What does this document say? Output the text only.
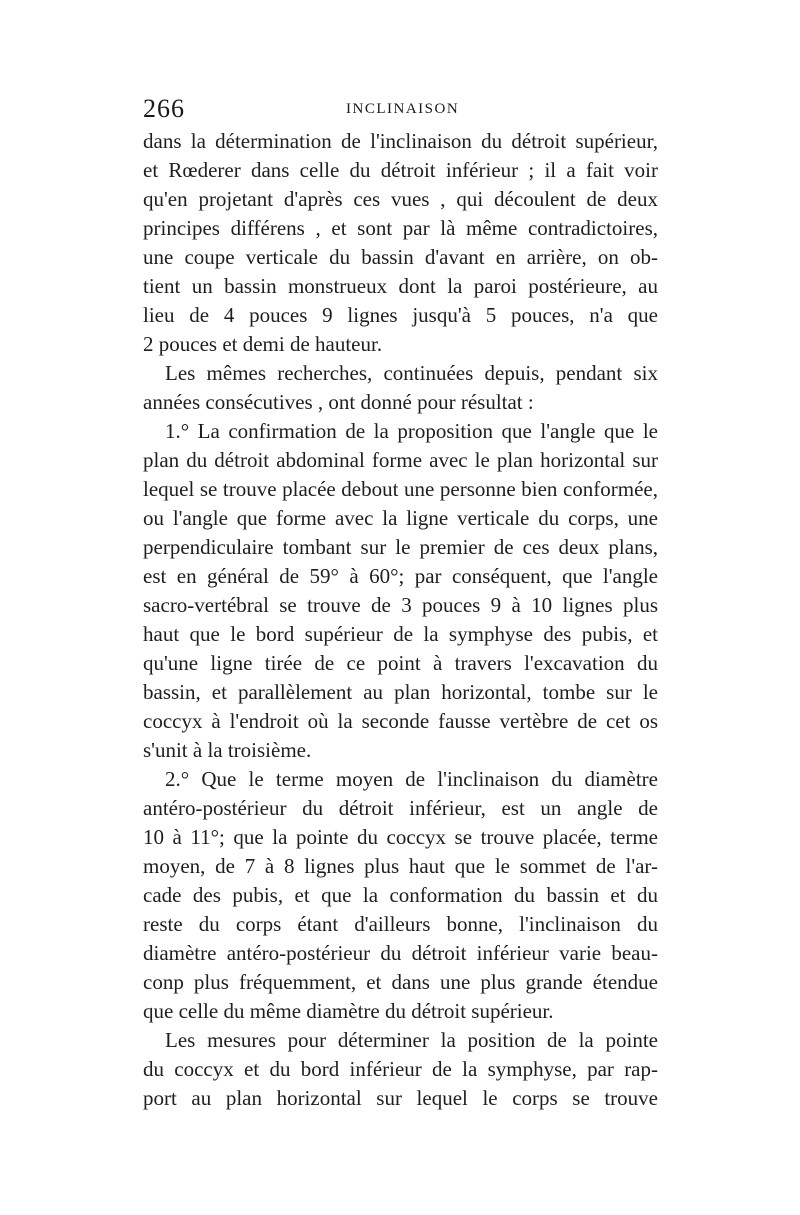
266	INCLINAISON
dans la détermination de l'inclinaison du détroit supérieur,
et Rœderer dans celle du détroit inférieur ; il a fait voir
qu'en projetant d'après ces vues , qui découlent de deux
principes différens , et sont par là même contradictoires,
une coupe verticale du bassin d'avant en arrière, on ob-
tient un bassin monstrueux dont la paroi postérieure, au
lieu de 4 pouces 9 lignes jusqu'à 5 pouces, n'a que
2 pouces et demi de hauteur.
Les mêmes recherches, continuées depuis, pendant six
années consécutives , ont donné pour résultat :
1.° La confirmation de la proposition que l'angle que le
plan du détroit abdominal forme avec le plan horizontal sur
lequel se trouve placée debout une personne bien conformée,
ou l'angle que forme avec la ligne verticale du corps, une
perpendiculaire tombant sur le premier de ces deux plans,
est en général de 59° à 60°; par conséquent, que l'angle
sacro-vertébral se trouve de 3 pouces 9 à 10 lignes plus
haut que le bord supérieur de la symphyse des pubis, et
qu'une ligne tirée de ce point à travers l'excavation du
bassin, et parallèlement au plan horizontal, tombe sur le
coccyx à l'endroit où la seconde fausse vertèbre de cet os
s'unit à la troisième.
2.° Que le terme moyen de l'inclinaison du diamètre
antéro-postérieur du détroit inférieur, est un angle de
10 à 11°; que la pointe du coccyx se trouve placée, terme
moyen, de 7 à 8 lignes plus haut que le sommet de l'ar-
cade des pubis, et que la conformation du bassin et du
reste du corps étant d'ailleurs bonne, l'inclinaison du
diamètre antéro-postérieur du détroit inférieur varie beau-
conp plus fréquemment, et dans une plus grande étendue
que celle du même diamètre du détroit supérieur.
Les mesures pour déterminer la position de la pointe
du coccyx et du bord inférieur de la symphyse, par rap-
port au plan horizontal sur lequel le corps se trouve
